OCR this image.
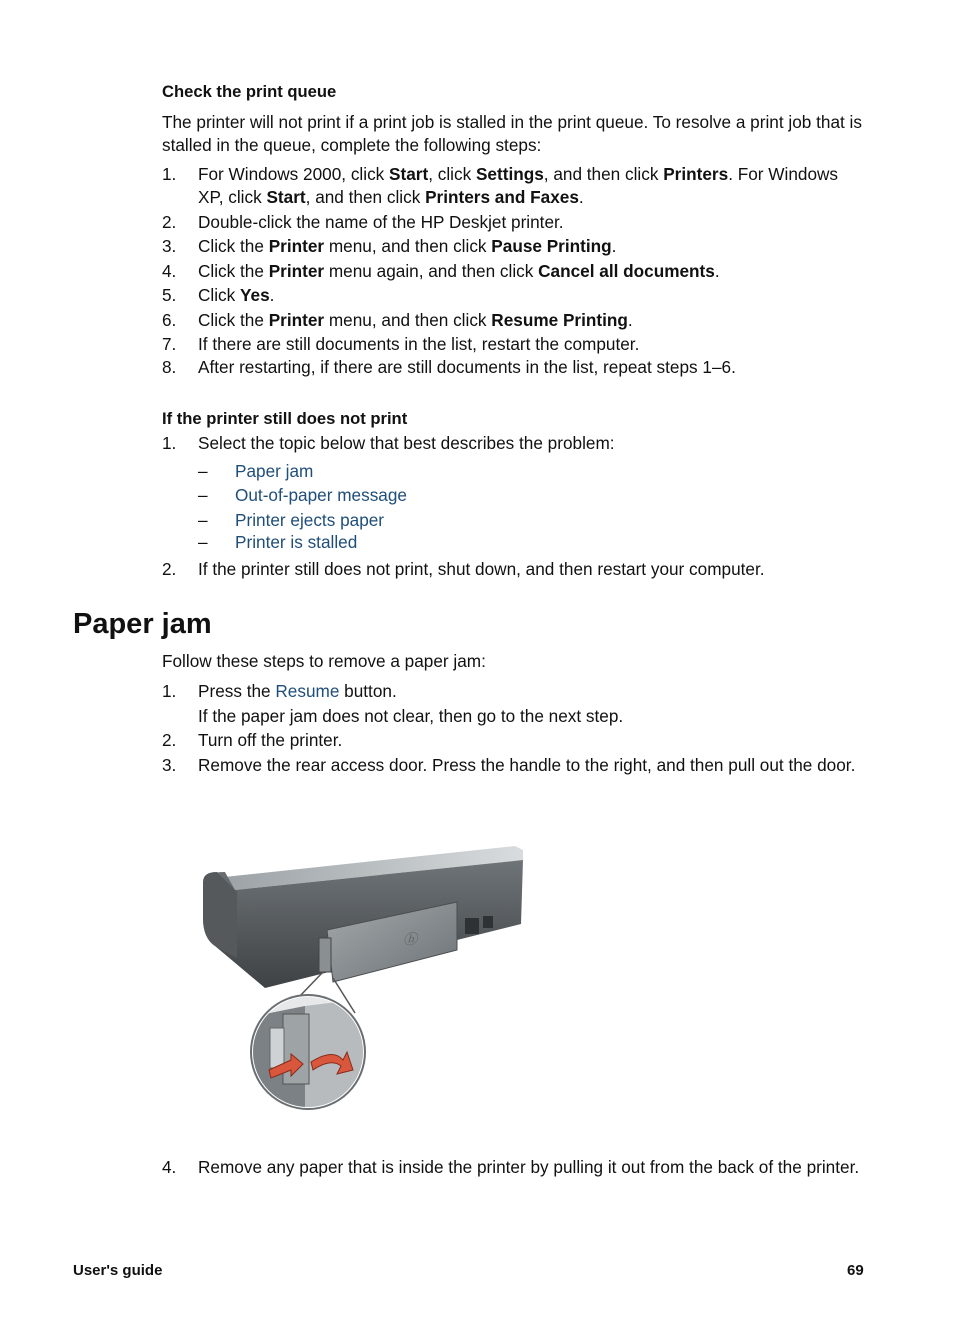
Check the print queue
The printer will not print if a print job is stalled in the print queue. To resolve a print job that is stalled in the queue, complete the following steps:
1.	For Windows 2000, click Start, click Settings, and then click Printers. For Windows XP, click Start, and then click Printers and Faxes.
2.	Double-click the name of the HP Deskjet printer.
3.	Click the Printer menu, and then click Pause Printing.
4.	Click the Printer menu again, and then click Cancel all documents.
5.	Click Yes.
6.	Click the Printer menu, and then click Resume Printing.
7.	If there are still documents in the list, restart the computer.
8.	After restarting, if there are still documents in the list, repeat steps 1–6.
If the printer still does not print
1.	Select the topic below that best describes the problem:
– Paper jam
– Out-of-paper message
– Printer ejects paper
– Printer is stalled
2.	If the printer still does not print, shut down, and then restart your computer.
Paper jam
Follow these steps to remove a paper jam:
1.	Press the Resume button.
If the paper jam does not clear, then go to the next step.
2.	Turn off the printer.
3.	Remove the rear access door. Press the handle to the right, and then pull out the door.
ⓗ
4.	Remove any paper that is inside the printer by pulling it out from the back of the printer.
User's guide	69
